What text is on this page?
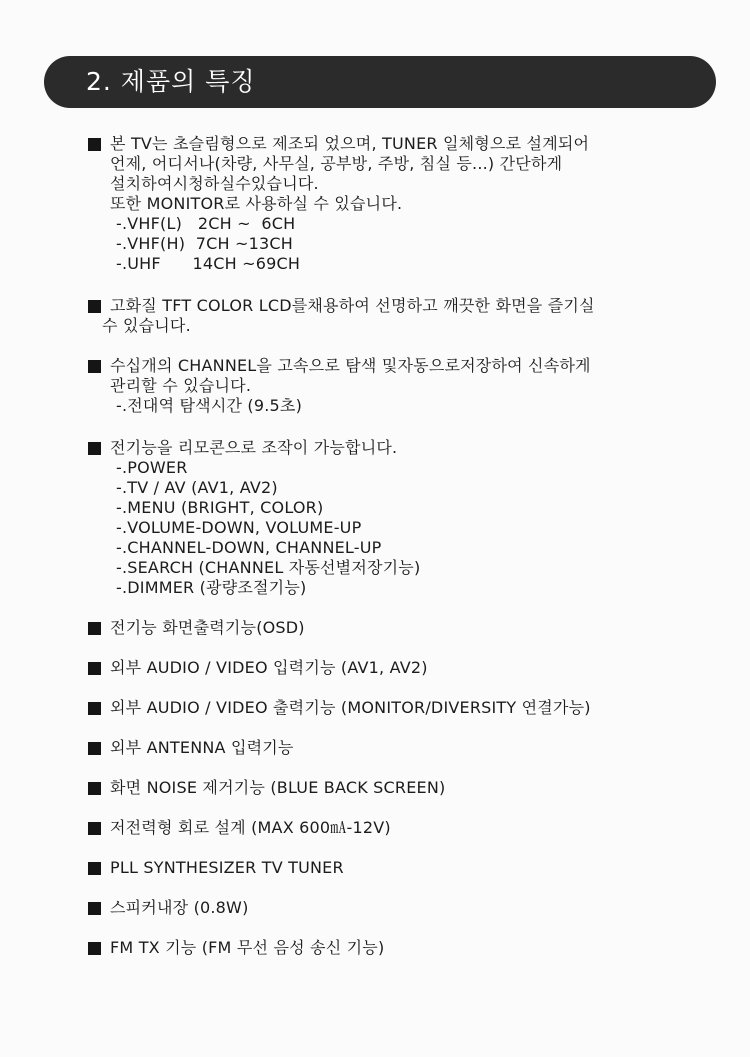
2. 제품의 특징
본 TV는 초슬림형으로 제조되 었으며, TUNER 일체형으로 설계되어
언제, 어디서나(차량, 사무실, 공부방, 주방, 침실 등...) 간단하게
설치하여시청하실수있습니다.
또한 MONITOR로 사용하실 수 있습니다.
-.VHF(L)   2CH ~  6CH
-.VHF(H)  7CH ~13CH
-.UHF      14CH ~69CH
고화질 TFT COLOR LCD를채용하여 선명하고 깨끗한 화면을 즐기실
수 있습니다.
수십개의 CHANNEL을 고속으로 탐색 및자동으로저장하여 신속하게
관리할 수 있습니다.
-.전대역 탐색시간 (9.5초)
전기능을 리모콘으로 조작이 가능합니다.
-.POWER
-.TV / AV (AV1, AV2)
-.MENU (BRIGHT, COLOR)
-.VOLUME-DOWN, VOLUME-UP
-.CHANNEL-DOWN, CHANNEL-UP
-.SEARCH (CHANNEL 자동선별저장기능)
-.DIMMER (광량조절기능)
전기능 화면출력기능(OSD)
외부 AUDIO / VIDEO 입력기능 (AV1, AV2)
외부 AUDIO / VIDEO 출력기능 (MONITOR/DIVERSITY 연결가능)
외부 ANTENNA 입력기능
화면 NOISE 제거기능 (BLUE BACK SCREEN)
저전력형 회로 설계 (MAX 600㎃-12V)
PLL SYNTHESIZER TV TUNER
스피커내장 (0.8W)
FM TX 기능 (FM 무선 음성 송신 기능)
